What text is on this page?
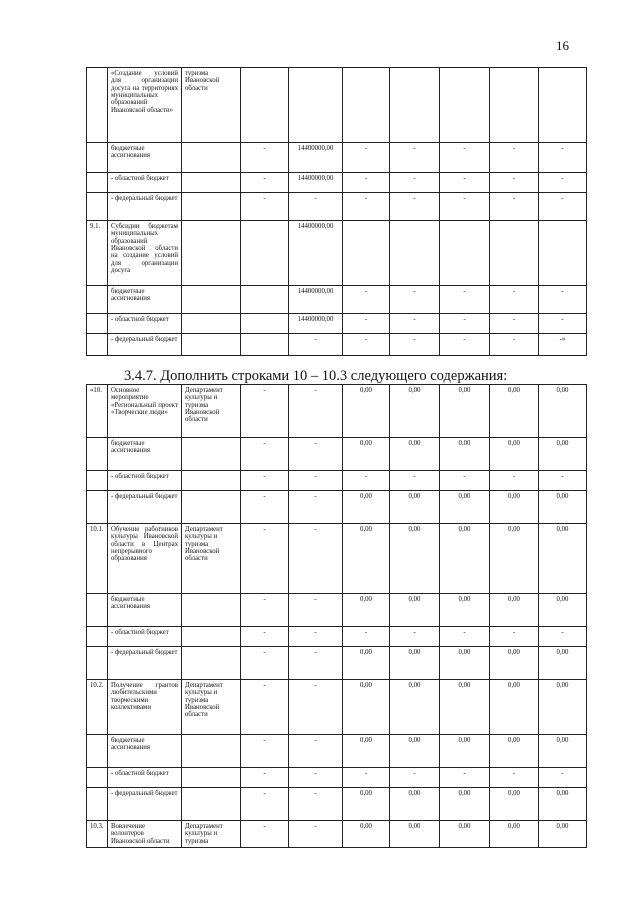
16
	«Создание условий для организации досуга на территориях муниципальных образований Ивановской области»	туризма Ивановской области							
	бюджетные ассигнования		-	14400000,00	-	-	-	-	-
	- областной бюджет		-	14400000,00	-	-	-	-	-
	- федеральный бюджет		-	-	-	-	-	-	-
9.1.	Субсидии бюджетам муниципальных образований Ивановской области на создание условий для организации досуга			14400000,00					
	бюджетные ассигнования			14400000,00	-	-	-	-	-
	- областной бюджет			14400000,00	-	-	-	-	-
	- федеральный бюджет			-	-	-	-	-	-»
3.4.7. Дополнить строками 10 – 10.3 следующего содержания:
«10.	Основное мероприятие «Региональный проект «Творческие люди»	Департамент культуры и туризма Ивановской области	-	-	0,00	0,00	0,00	0,00	0,00
	бюджетные ассигнования		-	-	0,00	0,00	0,00	0,00	0,00
	- областной бюджет		-	-	-	-	-	-	-
	- федеральный бюджет		-	-	0,00	0,00	0,00	0,00	0,00
10.1.	Обучение работников культуры Ивановской области в Центрах непрерывного образования	Департамент культуры и туризма Ивановской области	-	-	0,00	0,00	0,00	0,00	0,00
	бюджетные ассигнования		-	-	0,00	0,00	0,00	0,00	0,00
	- областной бюджет		-	-	-	-	-	-	-
	- федеральный бюджет		-	-	0,00	0,00	0,00	0,00	0,00
10.2.	Получение грантов любительскими творческими коллективами	Департамент культуры и туризма Ивановской области	-	-	0,00	0,00	0,00	0,00	0,00
	бюджетные ассигнования		-	-	0,00	0,00	0,00	0,00	0,00
	- областной бюджет		-	-	-	-	-	-	-
	- федеральный бюджет		-	-	0,00	0,00	0,00	0,00	0,00
10.3.	Вовлечение волонтеров Ивановской области	Департамент культуры и туризма	-	-	0,00	0,00	0,00	0,00	0,00
